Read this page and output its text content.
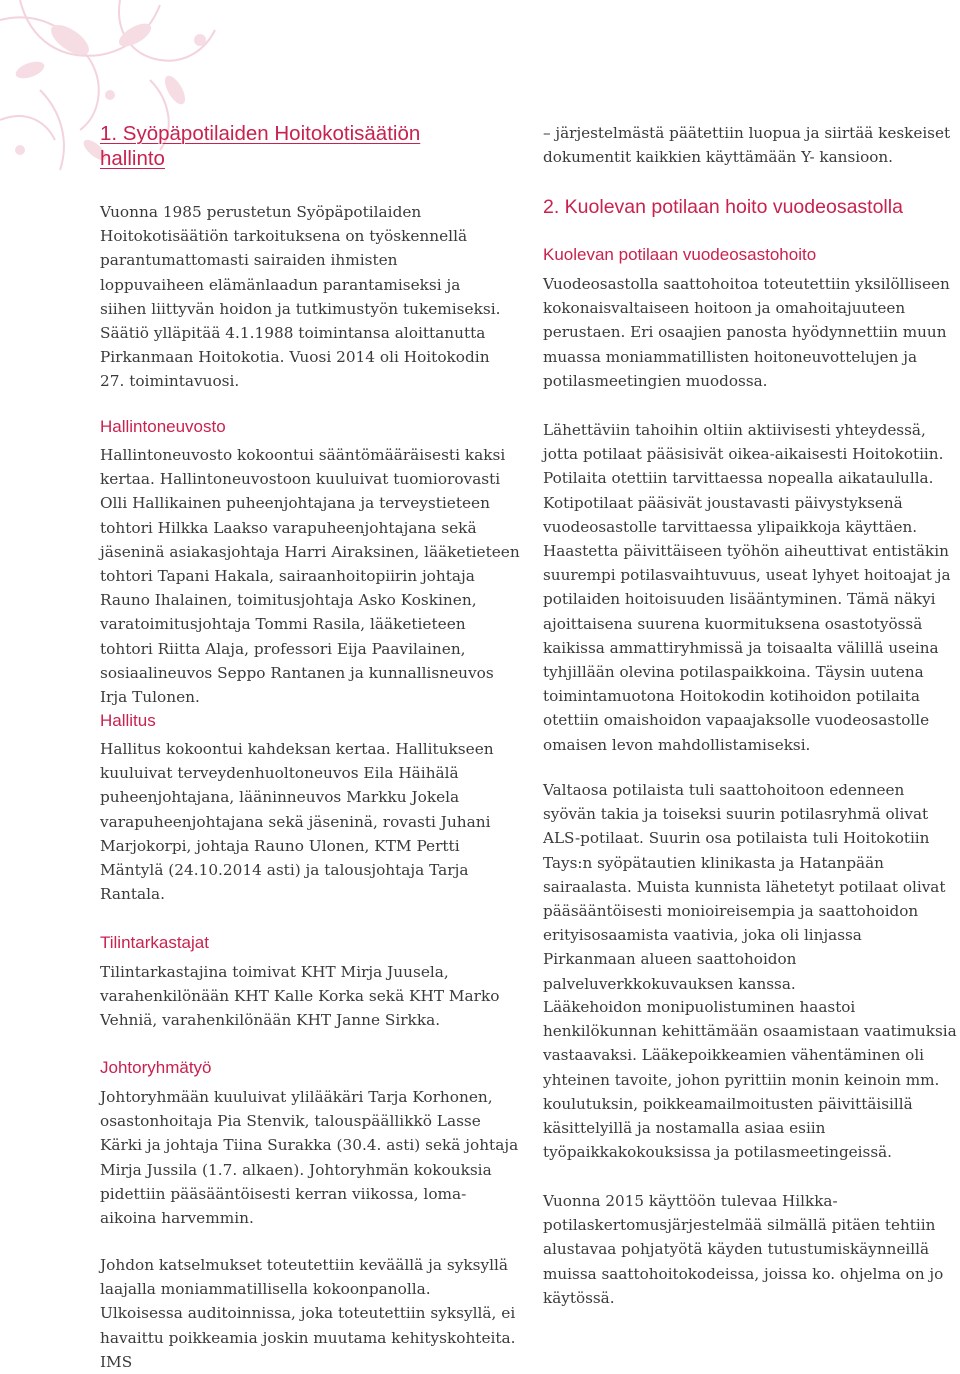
1. Syöpäpotilaiden Hoitokotisäätiön hallinto

Vuonna 1985 perustetun Syöpäpotilaiden Hoitokotisäätiön tarkoituksena on työskennellä parantumattomasti sairaiden ihmisten loppuvaiheen elämänlaadun parantamiseksi ja siihen liittyvän hoidon ja tutkimustyön tukemiseksi. Säätiö ylläpitää 4.1.1988 toimintansa aloittanutta Pirkanmaan Hoitokotia. Vuosi 2014 oli Hoitokodin 27. toimintavuosi.

Hallintoneuvosto

Hallintoneuvosto kokoontui sääntömääräisesti kaksi kertaa. Hallintoneuvostoon kuuluivat tuomiorovasti Olli Hallikainen puheenjohtajana ja terveystieteen tohtori Hilkka Laakso varapuheenjohtajana sekä jäseninä asiakasjohtaja Harri Airaksinen, lääketieteen tohtori Tapani Hakala, sairaanhoitopiirin johtaja Rauno Ihalainen, toimitusjohtaja Asko Koskinen, varatoimitusjohtaja Tommi Rasila, lääketieteen tohtori Riitta Alaja, professori Eija Paavilainen, sosiaalineuvos Seppo Rantanen ja kunnallisneuvos Irja Tulonen.

Hallitus

Hallitus kokoontui kahdeksan kertaa. Hallitukseen kuuluivat terveydenhuoltoneuvos Eila Häihälä puheenjohtajana, lääninneuvos Markku Jokela varapuheenjohtajana sekä jäseninä, rovasti Juhani Marjokorpi, johtaja Rauno Ulonen, KTM Pertti Mäntylä (24.10.2014 asti) ja talousjohtaja Tarja Rantala.

Tilintarkastajat

Tilintarkastajina toimivat KHT Mirja Juusela, varahenkilönään KHT Kalle Korka sekä KHT Marko Vehniä, varahenkilönään KHT Janne Sirkka.

Johtoryhmätyö

Johtoryhmään kuuluivat ylilääkäri Tarja Korhonen, osastonhoitaja Pia Stenvik, talouspäällikkö Lasse Kärki ja johtaja Tiina Surakka (30.4. asti) sekä johtaja Mirja Jussila (1.7. alkaen). Johtoryhmän kokouksia pidettiin pääsääntöisesti kerran viikossa, loma-aikoina harvemmin.

Johdon katselmukset toteutettiin keväällä ja syksyllä laajalla moniammatillisella kokoonpanolla. Ulkoisessa auditoinnissa, joka toteutettiin syksyllä, ei havaittu poikkeamia joskin muutama kehityskohteita. IMS

– järjestelmästä päätettiin luopua ja siirtää keskeiset dokumentit kaikkien käyttämään Y- kansioon.

2. Kuolevan potilaan hoito vuodeosastolla
Kuolevan potilaan vuodeosastohoito

Vuodeosastolla saattohoitoa toteutettiin yksilölliseen kokonaisvaltaiseen hoitoon ja omahoitajuuteen perustaen. Eri osaajien panosta hyödynnettiin muun muassa moniammatillisten hoitoneuvottelujen ja potilasmeetingien muodossa.

Lähettäviin tahoihin oltiin aktiivisesti yhteydessä, jotta potilaat pääsisivät oikea-aikaisesti Hoitokotiin. Potilaita otettiin tarvittaessa nopealla aikataululla. Kotipotilaat pääsivät joustavasti päivystyksenä vuodeosastolle tarvittaessa ylipaikkoja käyttäen. Haastetta päivittäiseen työhön aiheuttivat entistäkin suurempi potilasvaihtuvuus, useat lyhyet hoitoajat ja potilaiden hoitoisuuden lisääntyminen. Tämä näkyi ajoittaisena suurena kuormituksena osastotyössä kaikissa ammattiryhmissä ja toisaalta välillä useina tyhjillään olevina potilaspaikkoina. Täysin uutena toimintamuotona Hoitokodin kotihoidon potilaita otettiin omaishoidon vapaajaksolle vuodeosastolle omaisen levon mahdollistamiseksi.

Valtaosa potilaista tuli saattohoitoon edenneen syövän takia ja toiseksi suurin potilasryhmä olivat ALS-potilaat. Suurin osa potilaista tuli Hoitokotiin Tays:n syöpätautien klinikasta ja Hatanpään sairaalasta. Muista kunnista lähetetyt potilaat olivat pääsääntöisesti monioireisempia ja saattohoidon erityisosaamista vaativia, joka oli linjassa Pirkanmaan alueen saattohoidon palveluverkkokuvauksen kanssa.

Lääkehoidon monipuolistuminen haastoi henkilökunnan kehittämään osaamistaan vaatimuksia vastaavaksi. Lääkepoikkeamien vähentäminen oli yhteinen tavoite, johon pyrittiin monin keinoin mm. koulutuksin, poikkeamailmoitusten päivittäisillä käsittelyillä ja nostamalla asiaa esiin työpaikkakokouksissa ja potilasmeetingeissä.

Vuonna 2015 käyttöön tulevaa Hilkka-potilaskertomusjärjestelmää silmällä pitäen tehtiin alustavaa pohjatyötä käyden tutustumiskäynneillä muissa saattohoitokodeissa, joissa ko. ohjelma on jo käytössä.
